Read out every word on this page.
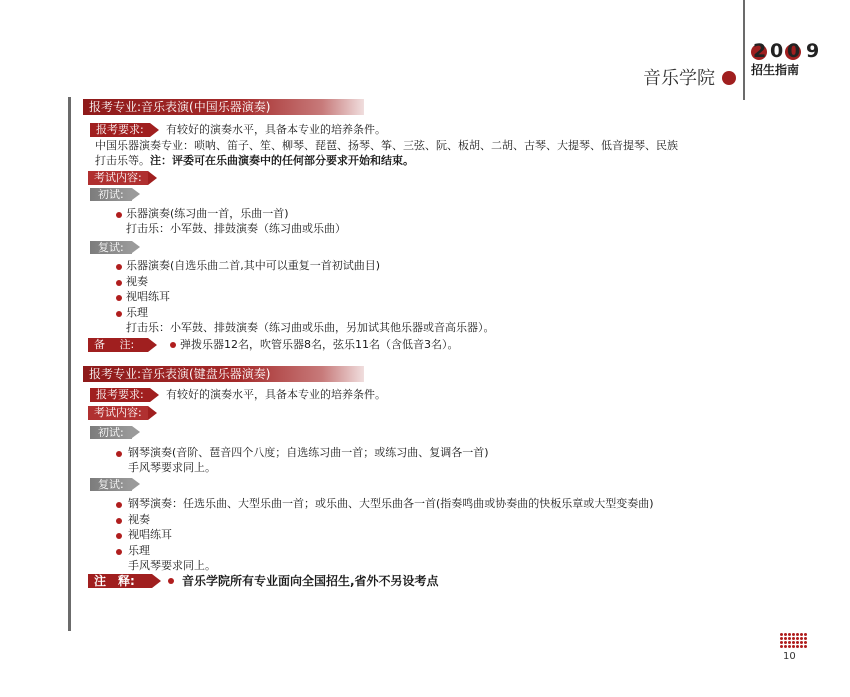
2 0 0 9
招生指南
音乐学院
报考专业:音乐表演(中国乐器演奏)
报考要求:	有较好的演奏水平，具备本专业的培养条件。
中国乐器演奏专业：唢呐、笛子、笙、柳琴、琵琶、扬琴、筝、三弦、阮、板胡、二胡、古琴、大提琴、低音提琴、民族
打击乐等。注：评委可在乐曲演奏中的任何部分要求开始和结束。
考试内容:
初试:
乐器演奏(练习曲一首，乐曲一首)
打击乐：小军鼓、排鼓演奏（练习曲或乐曲）
复试:
乐器演奏(自选乐曲二首,其中可以重复一首初试曲目)
视奏
视唱练耳
乐理
打击乐：小军鼓、排鼓演奏（练习曲或乐曲，另加试其他乐器或音高乐器）。
备　 注:	弹拨乐器12名，吹管乐器8名，弦乐11名（含低音3名）。
报考专业:音乐表演(键盘乐器演奏)
报考要求:	有较好的演奏水平，具备本专业的培养条件。
考试内容:
初试:
钢琴演奏(音阶、琶音四个八度；自选练习曲一首；或练习曲、复调各一首)
手风琴要求同上。
复试:
钢琴演奏：任选乐曲、大型乐曲一首；或乐曲、大型乐曲各一首(指奏鸣曲或协奏曲的快板乐章或大型变奏曲)
视奏
视唱练耳
乐理
手风琴要求同上。
注　释:	音乐学院所有专业面向全国招生,省外不另设考点
10
